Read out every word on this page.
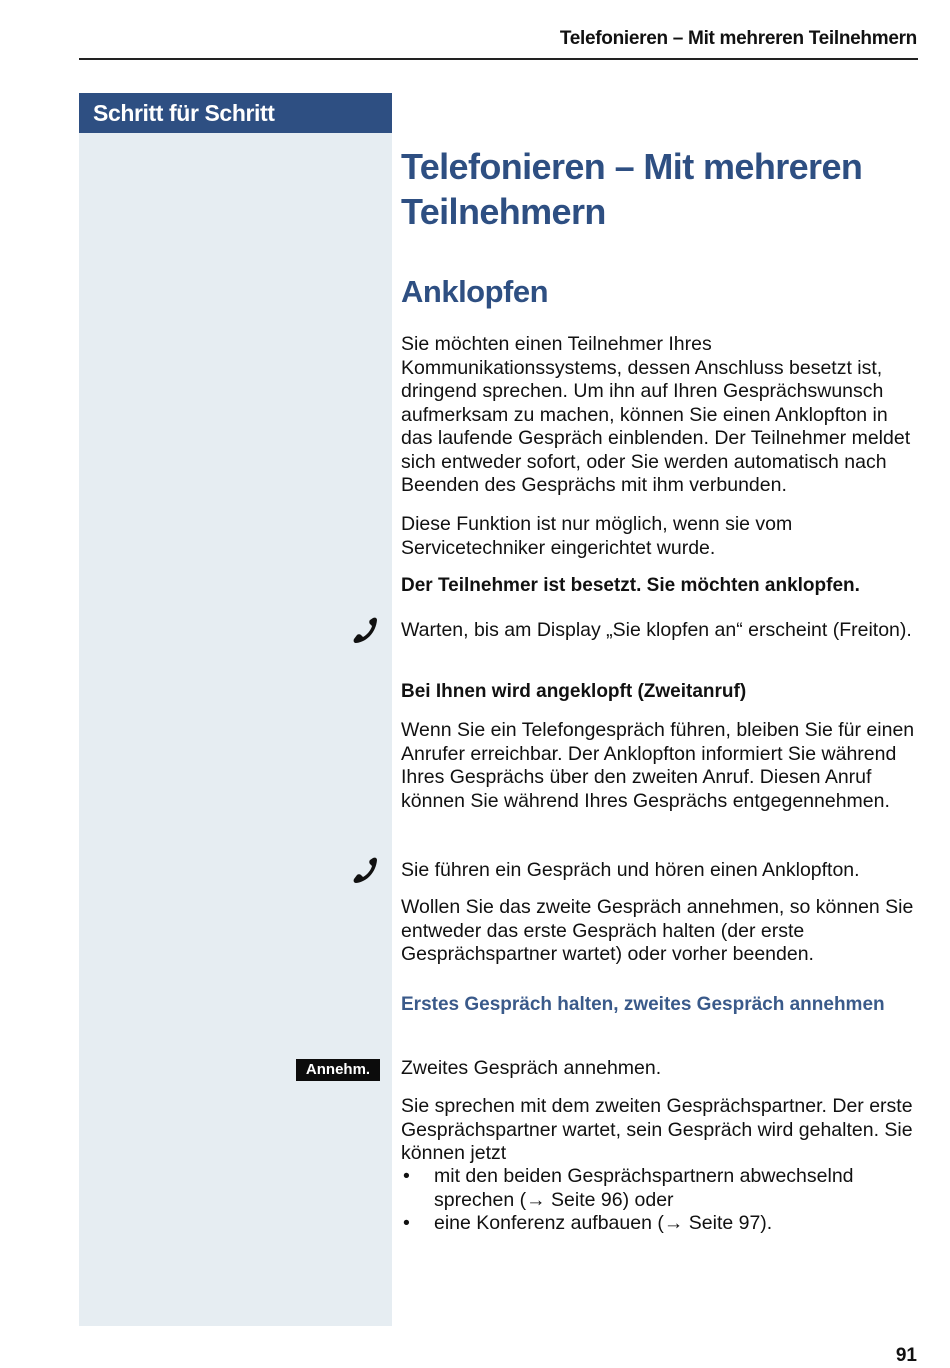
Telefonieren – Mit mehreren Teilnehmern
Schritt für Schritt
Telefonieren – Mit mehreren Teilnehmern
Anklopfen
Sie möchten einen Teilnehmer Ihres Kommunikationssystems, dessen Anschluss besetzt ist, dringend sprechen. Um ihn auf Ihren Gesprächswunsch aufmerksam zu machen, können Sie einen Anklopfton in das laufende Gespräch einblenden. Der Teilnehmer meldet sich entweder sofort, oder Sie werden automatisch nach Beenden des Gesprächs mit ihm verbunden.
Diese Funktion ist nur möglich, wenn sie vom Servicetechniker eingerichtet wurde.
Der Teilnehmer ist besetzt. Sie möchten anklopfen.
Warten, bis am Display „Sie klopfen an“ erscheint (Freiton).
Bei Ihnen wird angeklopft (Zweitanruf)
Wenn Sie ein Telefongespräch führen, bleiben Sie für einen Anrufer erreichbar. Der Anklopfton informiert Sie während Ihres Gesprächs über den zweiten Anruf. Diesen Anruf können Sie während Ihres Gesprächs entgegennehmen.
Sie führen ein Gespräch und hören einen Anklopfton.
Wollen Sie das zweite Gespräch annehmen, so können Sie entweder das erste Gespräch halten (der erste Gesprächspartner wartet) oder vorher beenden.
Erstes Gespräch halten, zweites Gespräch annehmen
Annehm.	Zweites Gespräch annehmen.
Sie sprechen mit dem zweiten Gesprächspartner. Der erste Gesprächspartner wartet, sein Gespräch wird gehalten. Sie können jetzt
• mit den beiden Gesprächspartnern abwechselnd sprechen (→ Seite 96) oder
• eine Konferenz aufbauen (→ Seite 97).
91
